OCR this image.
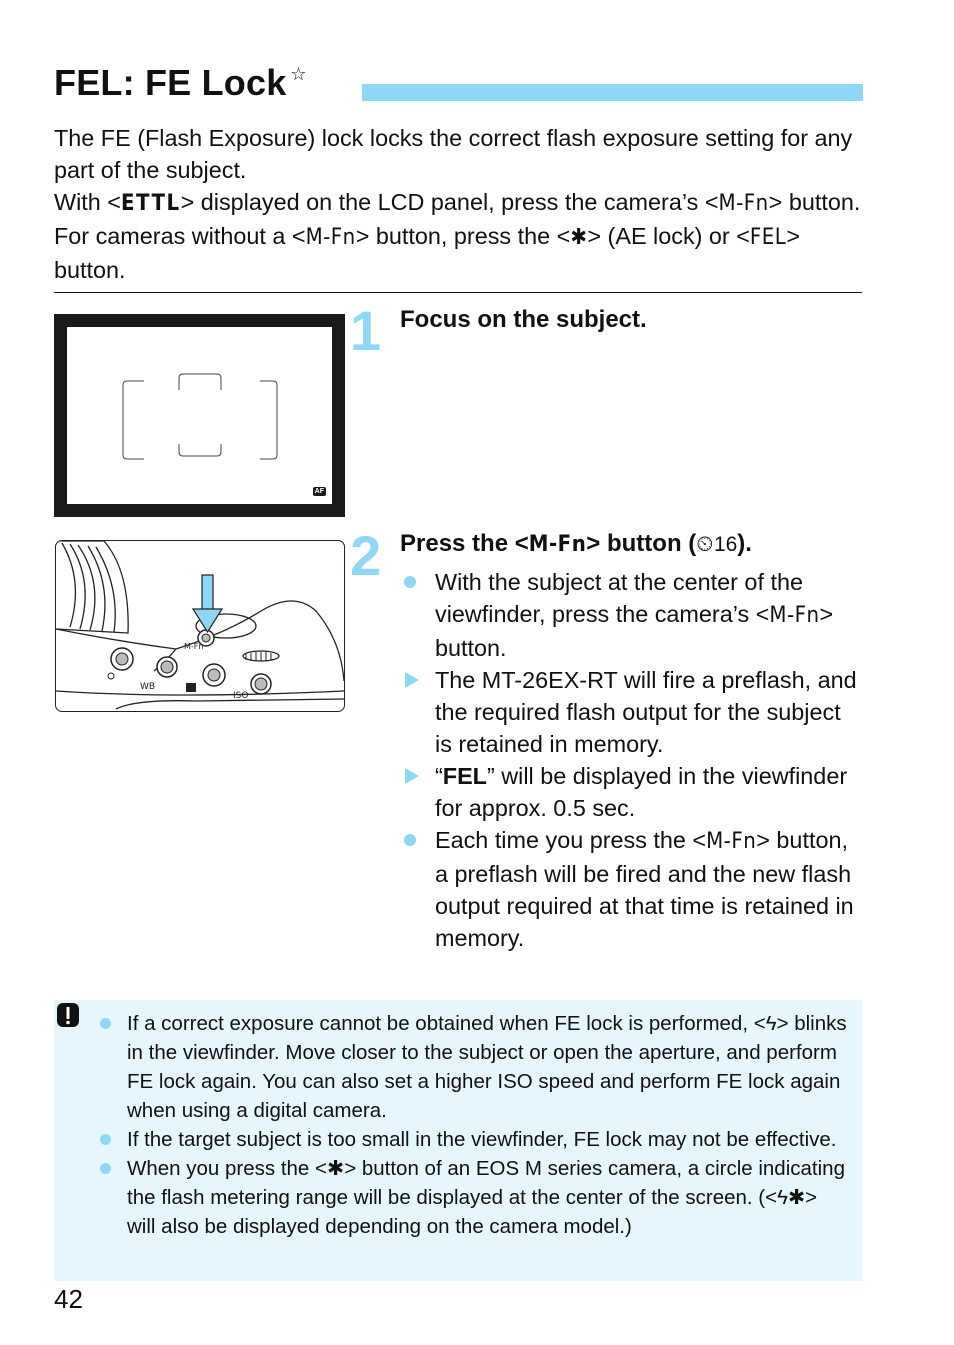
FEL: FE Lock ☆

The FE (Flash Exposure) lock locks the correct flash exposure setting for any part of the subject.

With <ETTL> displayed on the LCD panel, press the camera’s <M-Fn> button. For cameras without a <M-Fn> button, press the <✱> (AE lock) or <FEL> button.

AF
1 Focus on the subject.
M-Fn
WB
ISO
2 Press the <M-Fn> button (⏲16).

With the subject at the center of the viewfinder, press the camera’s <M-Fn> button.

The MT-26EX-RT will fire a preflash, and the required flash output for the subject is retained in memory.

“FEL” will be displayed in the viewfinder for approx. 0.5 sec.

Each time you press the <M-Fn> button, a preflash will be fired and the new flash output required at that time is retained in memory.

If a correct exposure cannot be obtained when FE lock is performed, <ϟ> blinks in the viewfinder. Move closer to the subject or open the aperture, and perform FE lock again. You can also set a higher ISO speed and perform FE lock again when using a digital camera.

If the target subject is too small in the viewfinder, FE lock may not be effective.

When you press the <✱> button of an EOS M series camera, a circle indicating the flash metering range will be displayed at the center of the screen. (<ϟ✱> will also be displayed depending on the camera model.)

42
